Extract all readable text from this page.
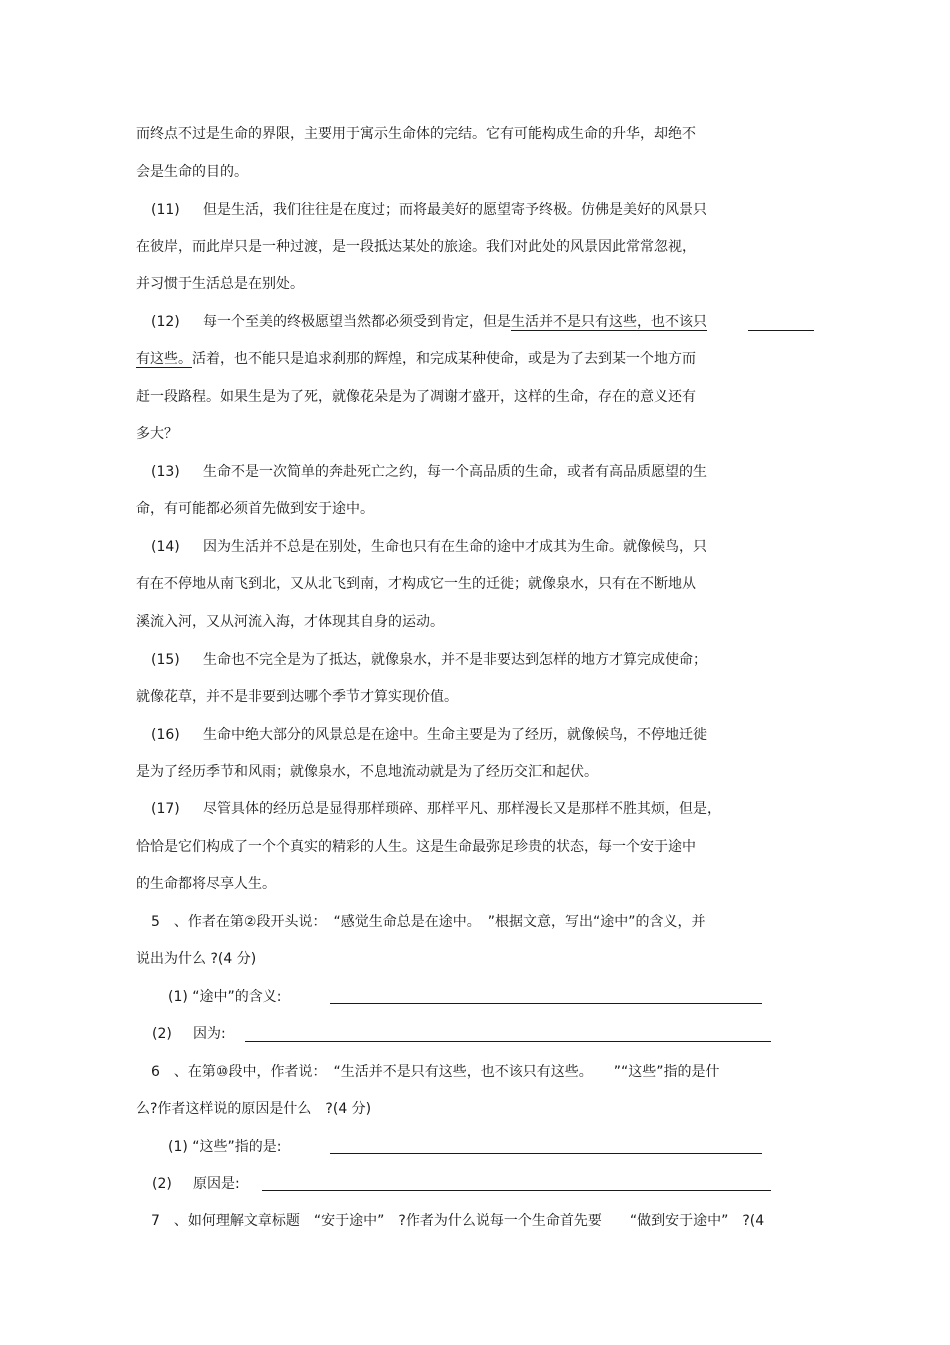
而终点不过是生命的界限，主要用于寓示生命体的完结。它有可能构成生命的升华，却绝不
会是生命的目的。
(11) 但是生活，我们往往是在度过；而将最美好的愿望寄予终极。仿佛是美好的风景只
在彼岸，而此岸只是一种过渡，是一段抵达某处的旅途。我们对此处的风景因此常常忽视，
并习惯于生活总是在别处。
(12) 每一个至美的终极愿望当然都必须受到肯定，但是生活并不是只有这些，也不该只
有这些。活着，也不能只是追求刹那的辉煌，和完成某种使命，或是为了去到某一个地方而
赶一段路程。如果生是为了死，就像花朵是为了凋谢才盛开，这样的生命，存在的意义还有
多大？
(13) 生命不是一次简单的奔赴死亡之约，每一个高品质的生命，或者有高品质愿望的生
命，有可能都必须首先做到安于途中。
(14) 因为生活并不总是在别处，生命也只有在生命的途中才成其为生命。就像候鸟，只
有在不停地从南飞到北，又从北飞到南，才构成它一生的迁徙；就像泉水，只有在不断地从
溪流入河，又从河流入海，才体现其自身的运动。
(15) 生命也不完全是为了抵达，就像泉水，并不是非要达到怎样的地方才算完成使命；
就像花草，并不是非要到达哪个季节才算实现价值。
(16) 生命中绝大部分的风景总是在途中。生命主要是为了经历，就像候鸟，不停地迁徙
是为了经历季节和风雨；就像泉水，不息地流动就是为了经历交汇和起伏。
(17) 尽管具体的经历总是显得那样琐碎、那样平凡、那样漫长又是那样不胜其烦，但是，
恰恰是它们构成了一个个真实的精彩的人生。这是生命最弥足珍贵的状态，每一个安于途中
的生命都将尽享人生。
5　、作者在第②段开头说：　“感觉生命总是在途中。　”根据文意，写出“途中”的含义，并
说出为什么 ?(4 分)
(1) “途中”的含义:
(2) 因为:
6　、在第⑩段中，作者说：　“生活并不是只有这些，也不该只有这些。　　”“这些”指的是什
么?作者这样说的原因是什么　?(4 分)
(1) “这些”指的是:
(2) 原因是:
7　、如何理解文章标题　“安于途中”　?作者为什么说每一个生命首先要　　“做到安于途中”　?(4
